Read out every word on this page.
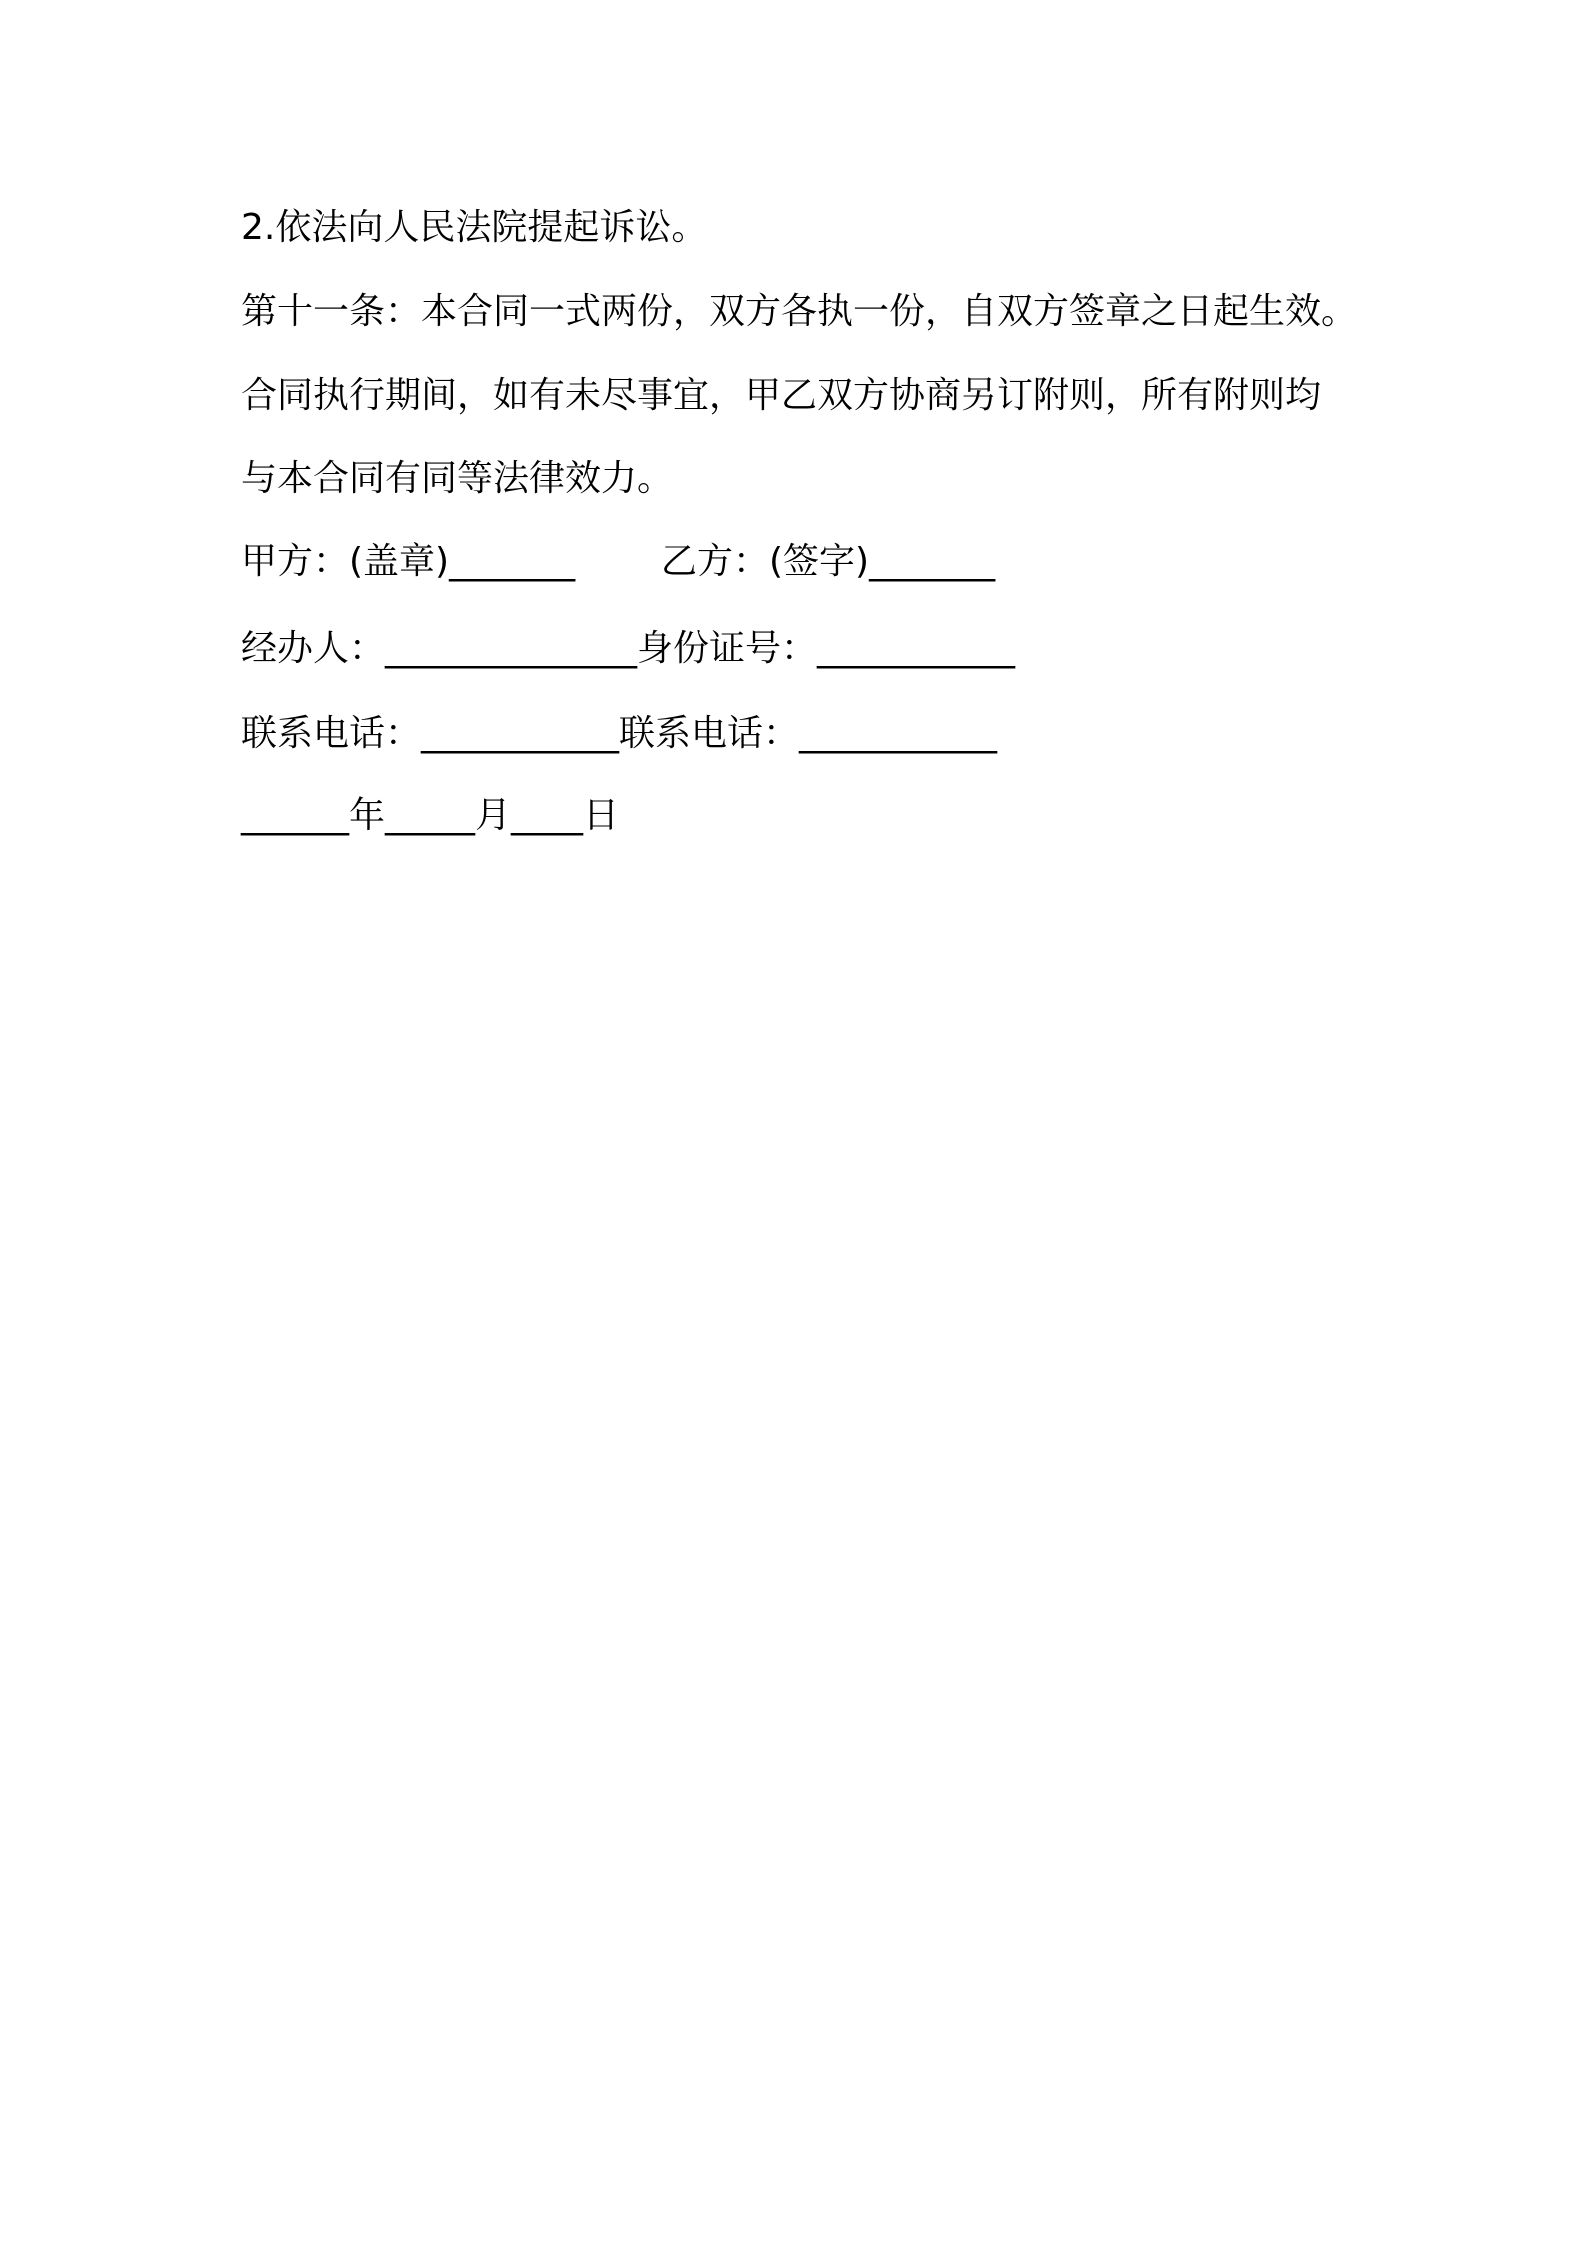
2.依法向人民法院提起诉讼。
第十一条：本合同一式两份，双方各执一份，自双方签章之日起生效。
合同执行期间，如有未尽事宜，甲乙双方协商另订附则，所有附则均
与本合同有同等法律效力。
甲方：(盖章)_______ 乙方：(签字)_______
经办人：______________身份证号：___________
联系电话：___________联系电话：___________
______年_____月____日
